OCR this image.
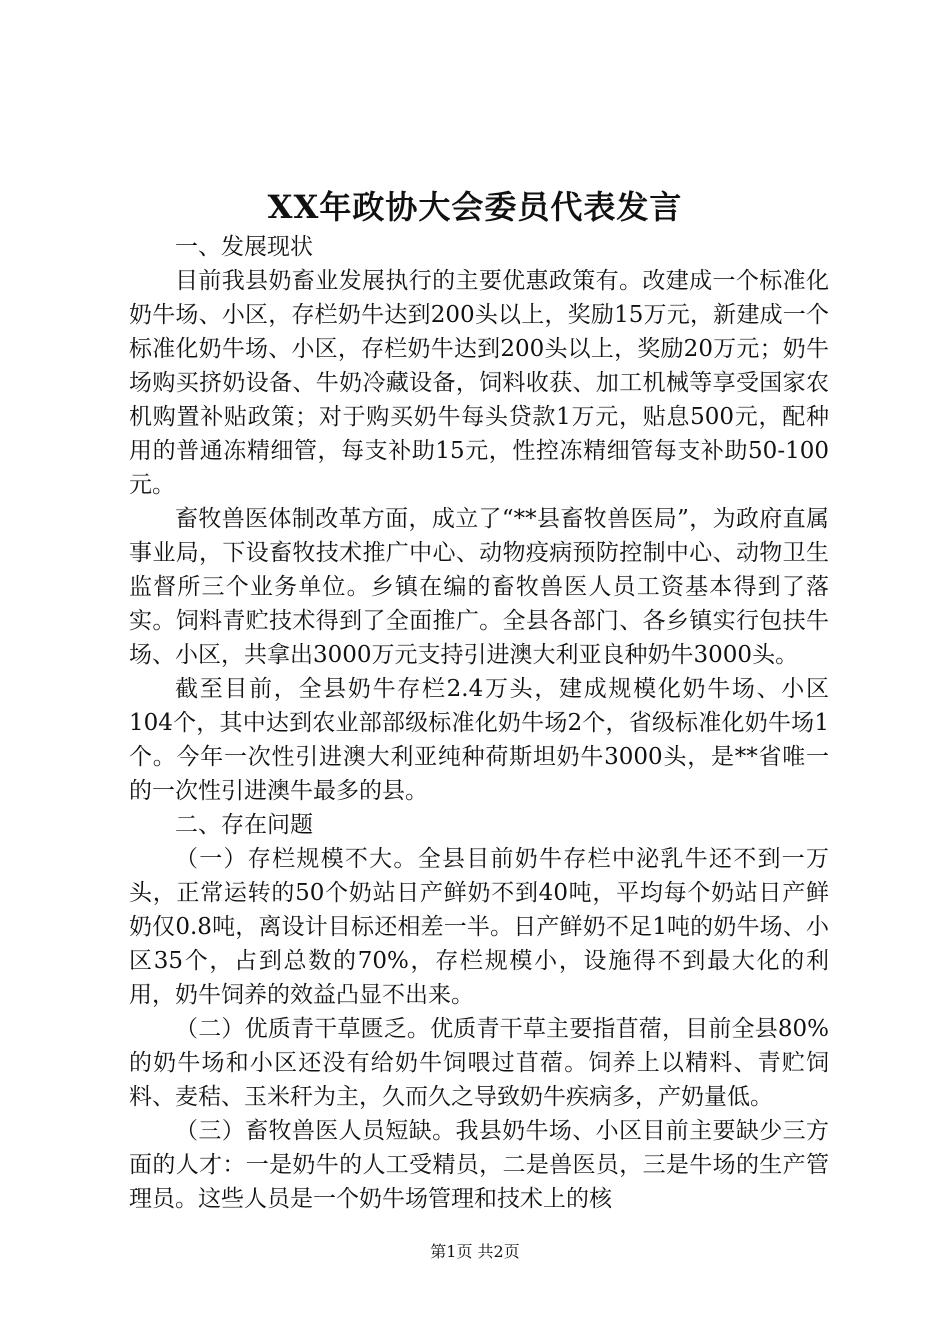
XX年政协大会委员代表发言

一、发展现状

目前我县奶畜业发展执行的主要优惠政策有。改建成一个标准化奶牛场、小区，存栏奶牛达到200头以上，奖励15万元，新建成一个标准化奶牛场、小区，存栏奶牛达到200头以上，奖励20万元；奶牛场购买挤奶设备、牛奶冷藏设备，饲料收获、加工机械等享受国家农机购置补贴政策；对于购买奶牛每头贷款1万元，贴息500元，配种用的普通冻精细管，每支补助15元，性控冻精细管每支补助50-100元。

畜牧兽医体制改革方面，成立了“**县畜牧兽医局”，为政府直属事业局，下设畜牧技术推广中心、动物疫病预防控制中心、动物卫生监督所三个业务单位。乡镇在编的畜牧兽医人员工资基本得到了落实。饲料青贮技术得到了全面推广。全县各部门、各乡镇实行包扶牛场、小区，共拿出3000万元支持引进澳大利亚良种奶牛3000头。

截至目前，全县奶牛存栏2.4万头，建成规模化奶牛场、小区104个，其中达到农业部部级标准化奶牛场2个，省级标准化奶牛场1个。今年一次性引进澳大利亚纯种荷斯坦奶牛3000头，是**省唯一的一次性引进澳牛最多的县。

二、存在问题

（一）存栏规模不大。全县目前奶牛存栏中泌乳牛还不到一万头，正常运转的50个奶站日产鲜奶不到40吨，平均每个奶站日产鲜奶仅0.8吨，离设计目标还相差一半。日产鲜奶不足1吨的奶牛场、小区35个，占到总数的70%，存栏规模小，设施得不到最大化的利用，奶牛饲养的效益凸显不出来。

（二）优质青干草匮乏。优质青干草主要指苜蓿，目前全县80%的奶牛场和小区还没有给奶牛饲喂过苜蓿。饲养上以精料、青贮饲料、麦秸、玉米秆为主，久而久之导致奶牛疾病多，产奶量低。

（三）畜牧兽医人员短缺。我县奶牛场、小区目前主要缺少三方面的人才：一是奶牛的人工受精员，二是兽医员，三是牛场的生产管理员。这些人员是一个奶牛场管理和技术上的核

第1页 共2页
